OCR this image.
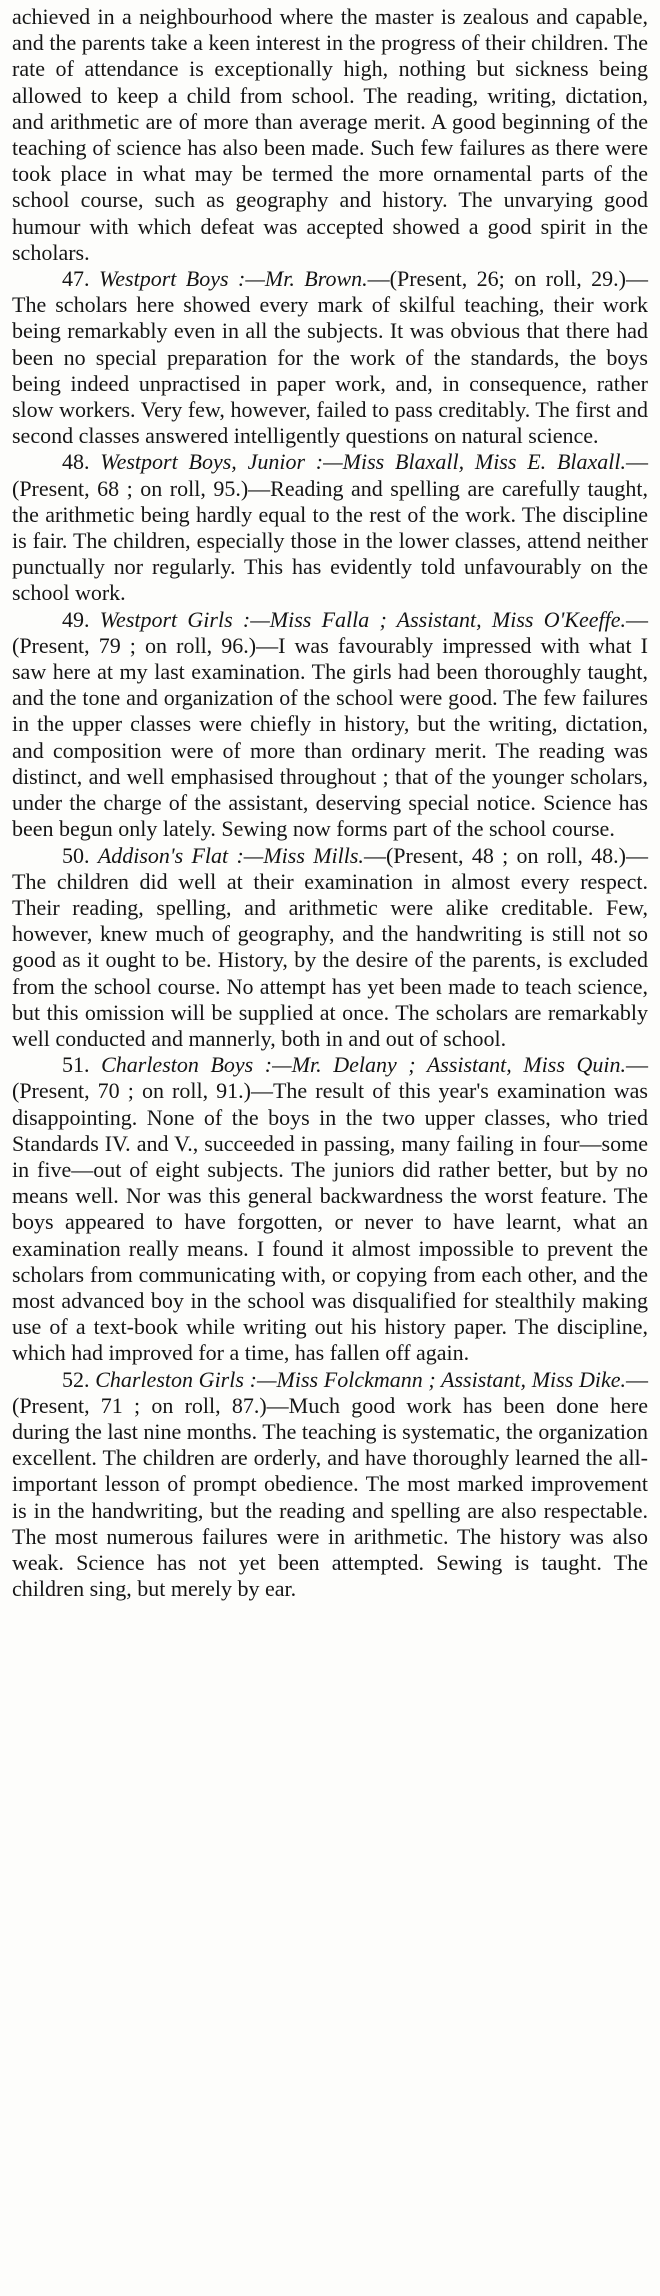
achieved in a neighbourhood where the master is zealous and capable, and the parents take a keen interest in the progress of their children. The rate of attendance is exceptionally high, nothing but sickness being allowed to keep a child from school. The reading, writing, dictation, and arithmetic are of more than average merit. A good beginning of the teaching of science has also been made. Such few failures as there were took place in what may be termed the more ornamental parts of the school course, such as geography and history. The unvarying good humour with which defeat was accepted showed a good spirit in the scholars.

47. Westport Boys :—Mr. Brown.—(Present, 26; on roll, 29.)—The scholars here showed every mark of skilful teaching, their work being remarkably even in all the subjects. It was obvious that there had been no special preparation for the work of the standards, the boys being indeed unpractised in paper work, and, in consequence, rather slow workers. Very few, however, failed to pass creditably. The first and second classes answered intelligently questions on natural science.

48. Westport Boys, Junior :—Miss Blaxall, Miss E. Blaxall.—(Present, 68 ; on roll, 95.)—Reading and spelling are carefully taught, the arithmetic being hardly equal to the rest of the work. The discipline is fair. The children, especially those in the lower classes, attend neither punctually nor regularly. This has evidently told unfavourably on the school work.

49. Westport Girls :—Miss Falla ; Assistant, Miss O'Keeffe.—(Present, 79 ; on roll, 96.)—I was favourably impressed with what I saw here at my last examination. The girls had been thoroughly taught, and the tone and organization of the school were good. The few failures in the upper classes were chiefly in history, but the writing, dictation, and composition were of more than ordinary merit. The reading was distinct, and well emphasised throughout ; that of the younger scholars, under the charge of the assistant, deserving special notice. Science has been begun only lately. Sewing now forms part of the school course.

50. Addison's Flat :—Miss Mills.—(Present, 48 ; on roll, 48.)—The children did well at their examination in almost every respect. Their reading, spelling, and arithmetic were alike creditable. Few, however, knew much of geography, and the handwriting is still not so good as it ought to be. History, by the desire of the parents, is excluded from the school course. No attempt has yet been made to teach science, but this omission will be supplied at once. The scholars are remarkably well conducted and mannerly, both in and out of school.

51. Charleston Boys :—Mr. Delany ; Assistant, Miss Quin.—(Present, 70 ; on roll, 91.)—The result of this year's examination was disappointing. None of the boys in the two upper classes, who tried Standards IV. and V., succeeded in passing, many failing in four—some in five—out of eight subjects. The juniors did rather better, but by no means well. Nor was this general backwardness the worst feature. The boys appeared to have forgotten, or never to have learnt, what an examination really means. I found it almost impossible to prevent the scholars from communicating with, or copying from each other, and the most advanced boy in the school was disqualified for stealthily making use of a text-book while writing out his history paper. The discipline, which had improved for a time, has fallen off again.

52. Charleston Girls :—Miss Folckmann ; Assistant, Miss Dike.—(Present, 71 ; on roll, 87.)—Much good work has been done here during the last nine months. The teaching is systematic, the organization excellent. The children are orderly, and have thoroughly learned the all-important lesson of prompt obedience. The most marked improvement is in the handwriting, but the reading and spelling are also respectable. The most numerous failures were in arithmetic. The history was also weak. Science has not yet been attempted. Sewing is taught. The children sing, but merely by ear.
